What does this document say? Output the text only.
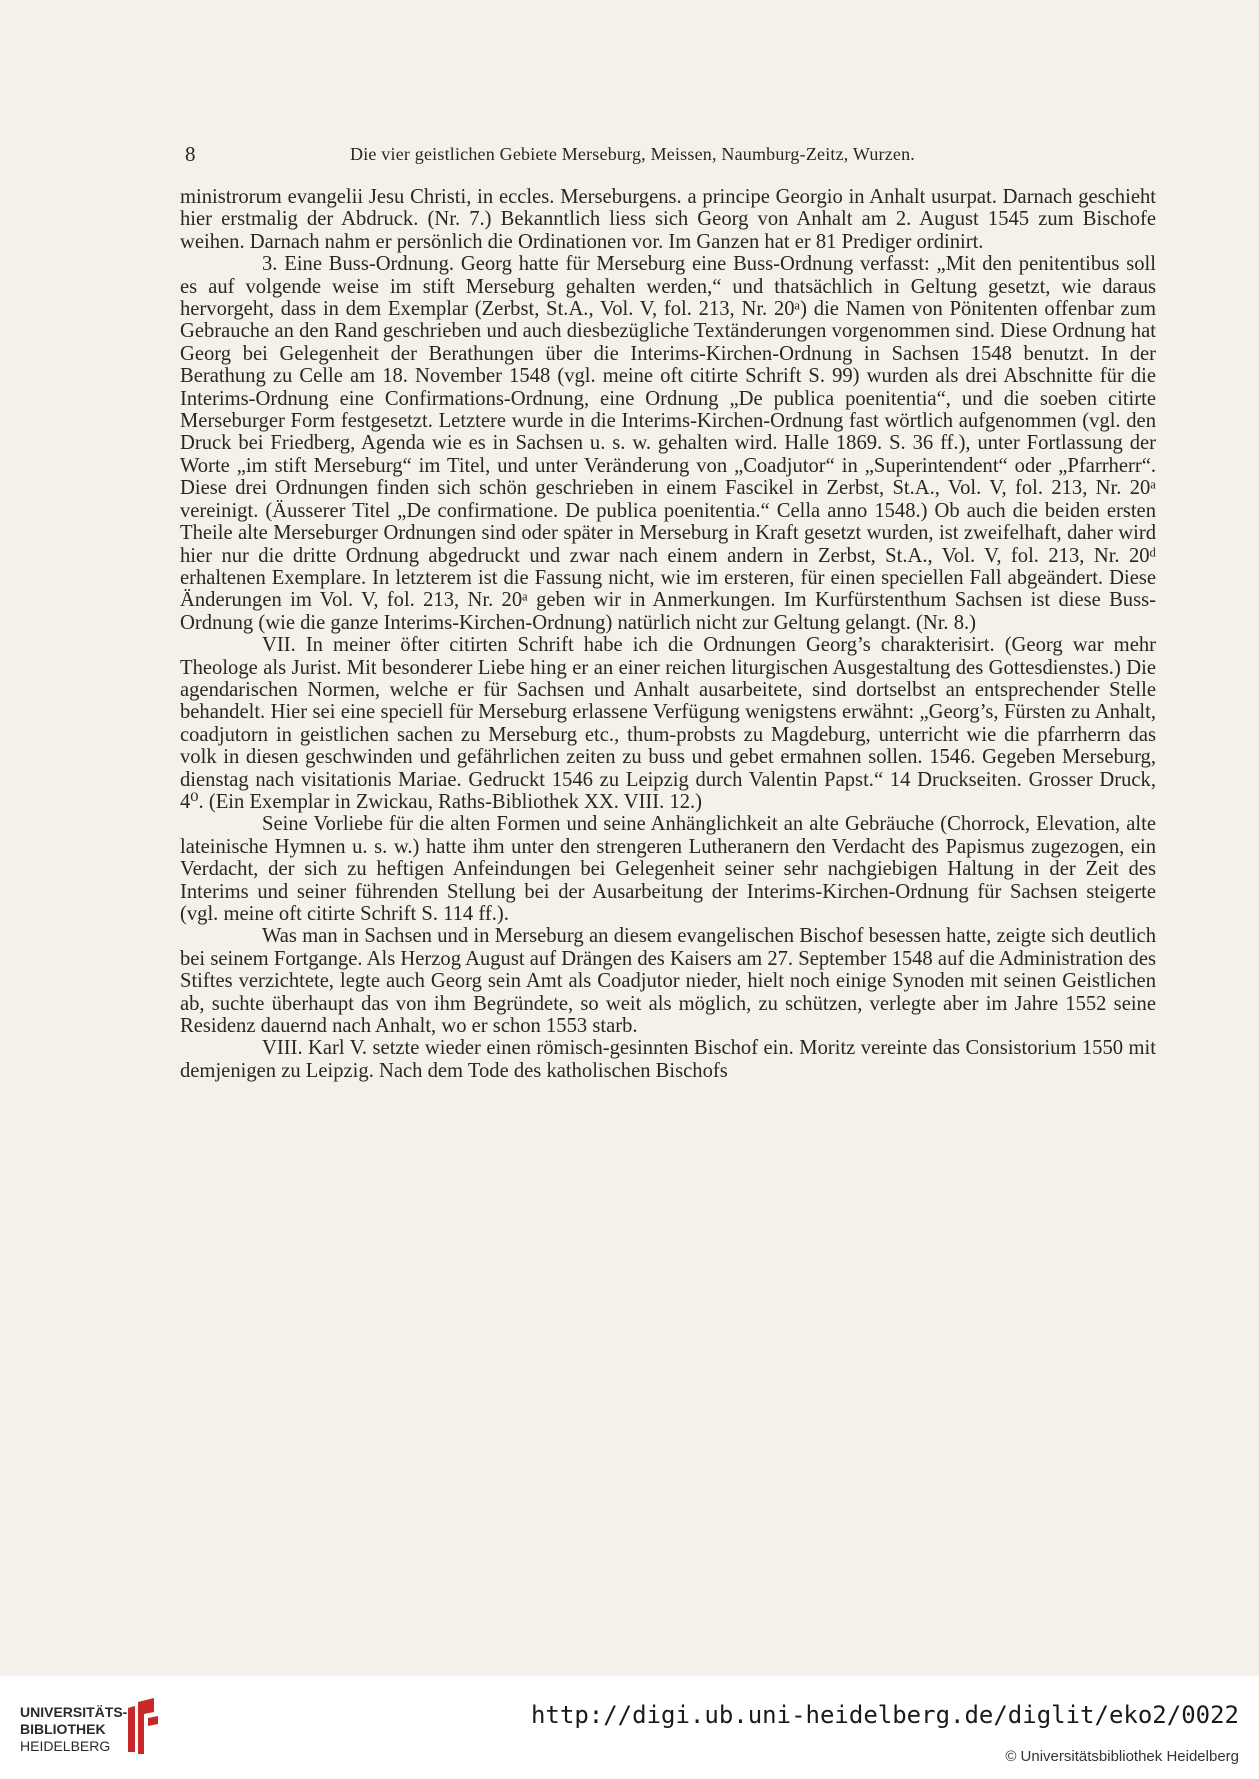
8	Die vier geistlichen Gebiete Merseburg, Meissen, Naumburg-Zeitz, Wurzen.

ministrorum evangelii Jesu Christi, in eccles. Merseburgens. a principe Georgio in Anhalt usurpat. Darnach geschieht hier erstmalig der Abdruck. (Nr. 7.) Bekanntlich liess sich Georg von Anhalt am 2. August 1545 zum Bischofe weihen. Darnach nahm er persönlich die Ordinationen vor. Im Ganzen hat er 81 Prediger ordinirt.

3. Eine Buss-Ordnung. Georg hatte für Merseburg eine Buss-Ordnung verfasst: „Mit den penitentibus soll es auf volgende weise im stift Merseburg gehalten werden,“ und thatsächlich in Geltung gesetzt, wie daraus hervorgeht, dass in dem Exemplar (Zerbst, St.A., Vol. V, fol. 213, Nr. 20ᵃ) die Namen von Pönitenten offenbar zum Gebrauche an den Rand geschrieben und auch diesbezügliche Textänderungen vorgenommen sind. Diese Ordnung hat Georg bei Gelegenheit der Berathungen über die Interims-Kirchen-Ordnung in Sachsen 1548 benutzt. In der Berathung zu Celle am 18. November 1548 (vgl. meine oft citirte Schrift S. 99) wurden als drei Abschnitte für die Interims-Ordnung eine Confirmations-Ordnung, eine Ordnung „De publica poenitentia“, und die soeben citirte Merseburger Form festgesetzt. Letztere wurde in die Interims-Kirchen-Ordnung fast wörtlich aufgenommen (vgl. den Druck bei Friedberg, Agenda wie es in Sachsen u. s. w. gehalten wird. Halle 1869. S. 36 ff.), unter Fortlassung der Worte „im stift Merseburg“ im Titel, und unter Veränderung von „Coadjutor“ in „Superintendent“ oder „Pfarrherr“. Diese drei Ordnungen finden sich schön geschrieben in einem Fascikel in Zerbst, St.A., Vol. V, fol. 213, Nr. 20ᵃ vereinigt. (Äusserer Titel „De confirmatione. De publica poenitentia.“ Cella anno 1548.) Ob auch die beiden ersten Theile alte Merseburger Ordnungen sind oder später in Merseburg in Kraft gesetzt wurden, ist zweifelhaft, daher wird hier nur die dritte Ordnung abgedruckt und zwar nach einem andern in Zerbst, St.A., Vol. V, fol. 213, Nr. 20ᵈ erhaltenen Exemplare. In letzterem ist die Fassung nicht, wie im ersteren, für einen speciellen Fall abgeändert. Diese Änderungen im Vol. V, fol. 213, Nr. 20ᵃ geben wir in Anmerkungen. Im Kurfürstenthum Sachsen ist diese Buss-Ordnung (wie die ganze Interims-Kirchen-Ordnung) natürlich nicht zur Geltung gelangt. (Nr. 8.)

VII. In meiner öfter citirten Schrift habe ich die Ordnungen Georg’s charakterisirt. (Georg war mehr Theologe als Jurist. Mit besonderer Liebe hing er an einer reichen liturgischen Ausgestaltung des Gottesdienstes.) Die agendarischen Normen, welche er für Sachsen und Anhalt ausarbeitete, sind dortselbst an entsprechender Stelle behandelt. Hier sei eine speciell für Merseburg erlassene Verfügung wenigstens erwähnt: „Georg’s, Fürsten zu Anhalt, coadjutorn in geistlichen sachen zu Merseburg etc., thum-probsts zu Magdeburg, unterricht wie die pfarrherrn das volk in diesen geschwinden und gefährlichen zeiten zu buss und gebet ermahnen sollen. 1546. Gegeben Merseburg, dienstag nach visitationis Mariae. Gedruckt 1546 zu Leipzig durch Valentin Papst.“ 14 Druckseiten. Grosser Druck, 4⁰. (Ein Exemplar in Zwickau, Raths-Bibliothek XX. VIII. 12.)

Seine Vorliebe für die alten Formen und seine Anhänglichkeit an alte Gebräuche (Chorrock, Elevation, alte lateinische Hymnen u. s. w.) hatte ihm unter den strengeren Lutheranern den Verdacht des Papismus zugezogen, ein Verdacht, der sich zu heftigen Anfeindungen bei Gelegenheit seiner sehr nachgiebigen Haltung in der Zeit des Interims und seiner führenden Stellung bei der Ausarbeitung der Interims-Kirchen-Ordnung für Sachsen steigerte (vgl. meine oft citirte Schrift S. 114 ff.).

Was man in Sachsen und in Merseburg an diesem evangelischen Bischof besessen hatte, zeigte sich deutlich bei seinem Fortgange. Als Herzog August auf Drängen des Kaisers am 27. September 1548 auf die Administration des Stiftes verzichtete, legte auch Georg sein Amt als Coadjutor nieder, hielt noch einige Synoden mit seinen Geistlichen ab, suchte überhaupt das von ihm Begründete, so weit als möglich, zu schützen, verlegte aber im Jahre 1552 seine Residenz dauernd nach Anhalt, wo er schon 1553 starb.

VIII. Karl V. setzte wieder einen römisch-gesinnten Bischof ein. Moritz vereinte das Consistorium 1550 mit demjenigen zu Leipzig. Nach dem Tode des katholischen Bischofs

UNIVERSITÄTS-
BIBLIOTHEK
HEIDELBERG
http://digi.ub.uni-heidelberg.de/diglit/eko2/0022
© Universitätsbibliothek Heidelberg
